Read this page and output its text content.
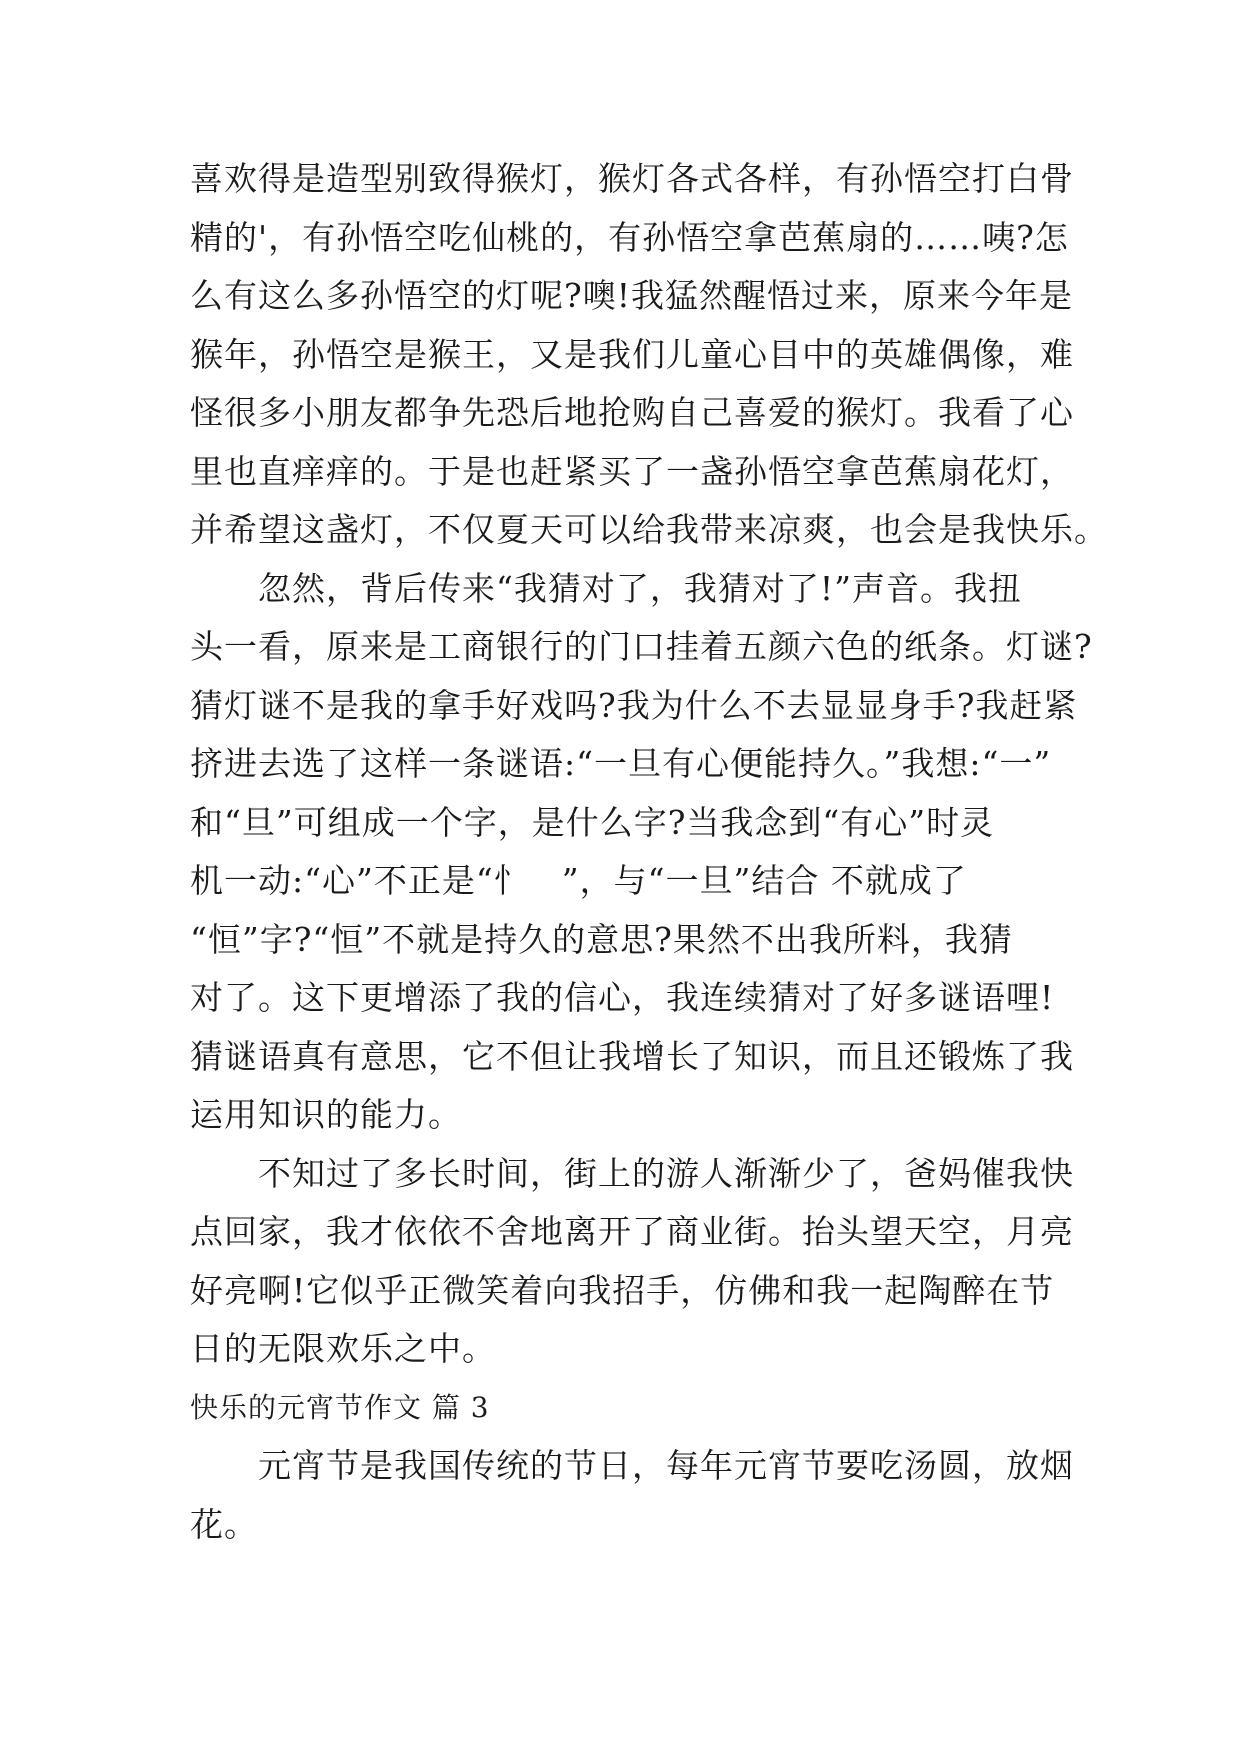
喜欢得是造型别致得猴灯，猴灯各式各样，有孙悟空打白骨
精的'，有孙悟空吃仙桃的，有孙悟空拿芭蕉扇的……咦?怎
么有这么多孙悟空的灯呢?噢!我猛然醒悟过来，原来今年是
猴年，孙悟空是猴王，又是我们儿童心目中的英雄偶像，难
怪很多小朋友都争先恐后地抢购自己喜爱的猴灯。我看了心
里也直痒痒的。于是也赶紧买了一盏孙悟空拿芭蕉扇花灯，
并希望这盏灯，不仅夏天可以给我带来凉爽，也会是我快乐。
　　忽然，背后传来“我猜对了，我猜对了!”声音。我扭
头一看，原来是工商银行的门口挂着五颜六色的纸条。灯谜?
猜灯谜不是我的拿手好戏吗?我为什么不去显显身手?我赶紧
挤进去选了这样一条谜语:“一旦有心便能持久。”我想:“一”
和“旦”可组成一个字，是什么字?当我念到“有心”时灵
机一动:“心”不正是“忄　”，与“一旦”结合 不就成了
“恒”字?“恒”不就是持久的意思?果然不出我所料，我猜
对了。这下更增添了我的信心，我连续猜对了好多谜语哩!
猜谜语真有意思，它不但让我增长了知识，而且还锻炼了我
运用知识的能力。
　　不知过了多长时间，街上的游人渐渐少了，爸妈催我快
点回家，我才依依不舍地离开了商业街。抬头望天空，月亮
好亮啊!它似乎正微笑着向我招手，仿佛和我一起陶醉在节
日的无限欢乐之中。
快乐的元宵节作文 篇 3
　　元宵节是我国传统的节日，每年元宵节要吃汤圆，放烟
花。
